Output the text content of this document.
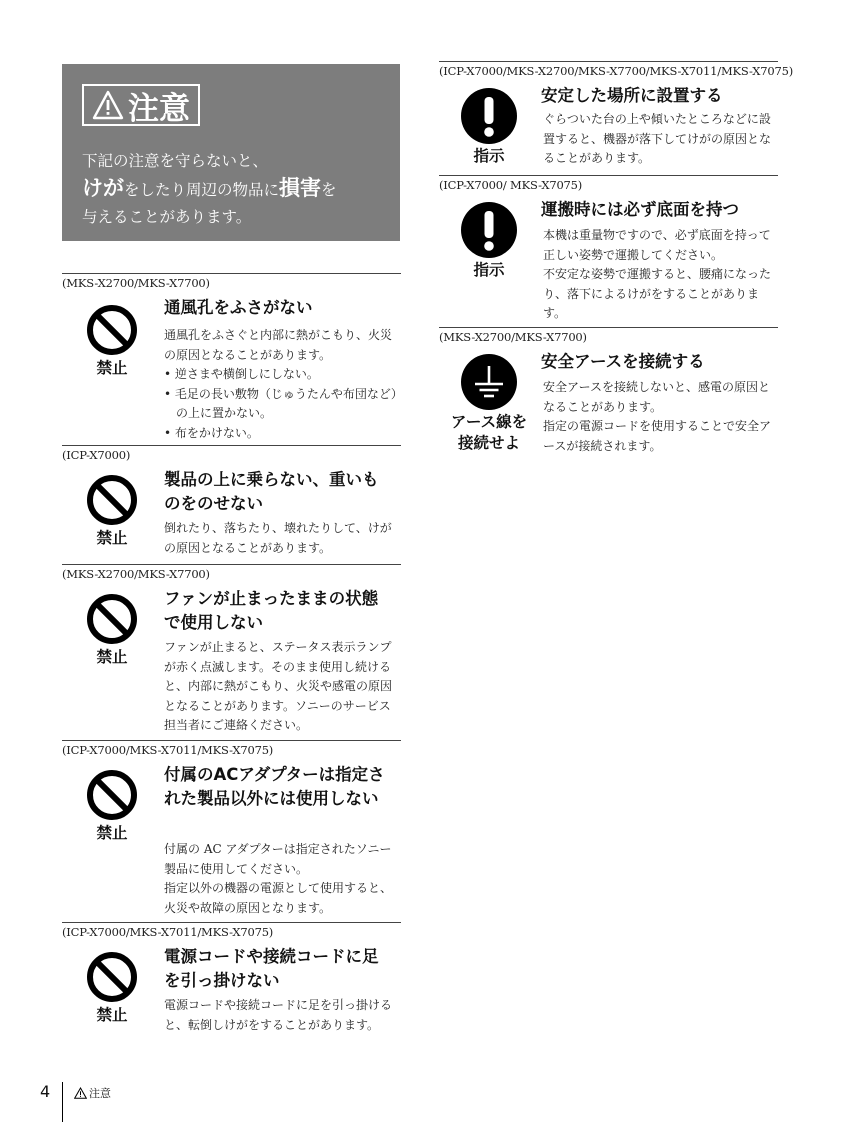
注意
下記の注意を守らないと、
けがをしたり周辺の物品に損害を
与えることがあります。
(MKS-X2700/MKS-X7700)
禁止
通風孔をふさがない
通風孔をふさぐと内部に熱がこもり、火災の原因となることがあります。
• 逆さまや横倒しにしない。
• 毛足の長い敷物（じゅうたんや布団など）の上に置かない。
• 布をかけない。
(ICP-X7000)
禁止
製品の上に乗らない、重いものをのせない
倒れたり、落ちたり、壊れたりして、けがの原因となることがあります。
(MKS-X2700/MKS-X7700)
禁止
ファンが止まったままの状態で使用しない
ファンが止まると、ステータス表示ランプが赤く点滅します。そのまま使用し続けると、内部に熱がこもり、火災や感電の原因となることがあります。ソニーのサービス担当者にご連絡ください。
(ICP-X7000/MKS-X7011/MKS-X7075)
禁止
付属のACアダプターは指定された製品以外には使用しない
付属の AC アダプターは指定されたソニー製品に使用してください。
指定以外の機器の電源として使用すると、火災や故障の原因となります。
(ICP-X7000/MKS-X7011/MKS-X7075)
禁止
電源コードや接続コードに足を引っ掛けない
電源コードや接続コードに足を引っ掛けると、転倒しけがをすることがあります。
(ICP-X7000/MKS-X2700/MKS-X7700/MKS-X7011/MKS-X7075)
指示
安定した場所に設置する
ぐらついた台の上や傾いたところなどに設置すると、機器が落下してけがの原因となることがあります。
(ICP-X7000/ MKS-X7075)
指示
運搬時には必ず底面を持つ
本機は重量物ですので、必ず底面を持って正しい姿勢で運搬してください。
不安定な姿勢で運搬すると、腰痛になったり、落下によるけがをすることがあります。
(MKS-X2700/MKS-X7700)
アース線を
接続せよ
安全アースを接続する
安全アースを接続しないと、感電の原因となることがあります。
指定の電源コードを使用することで安全アースが接続されます。
4	注意
